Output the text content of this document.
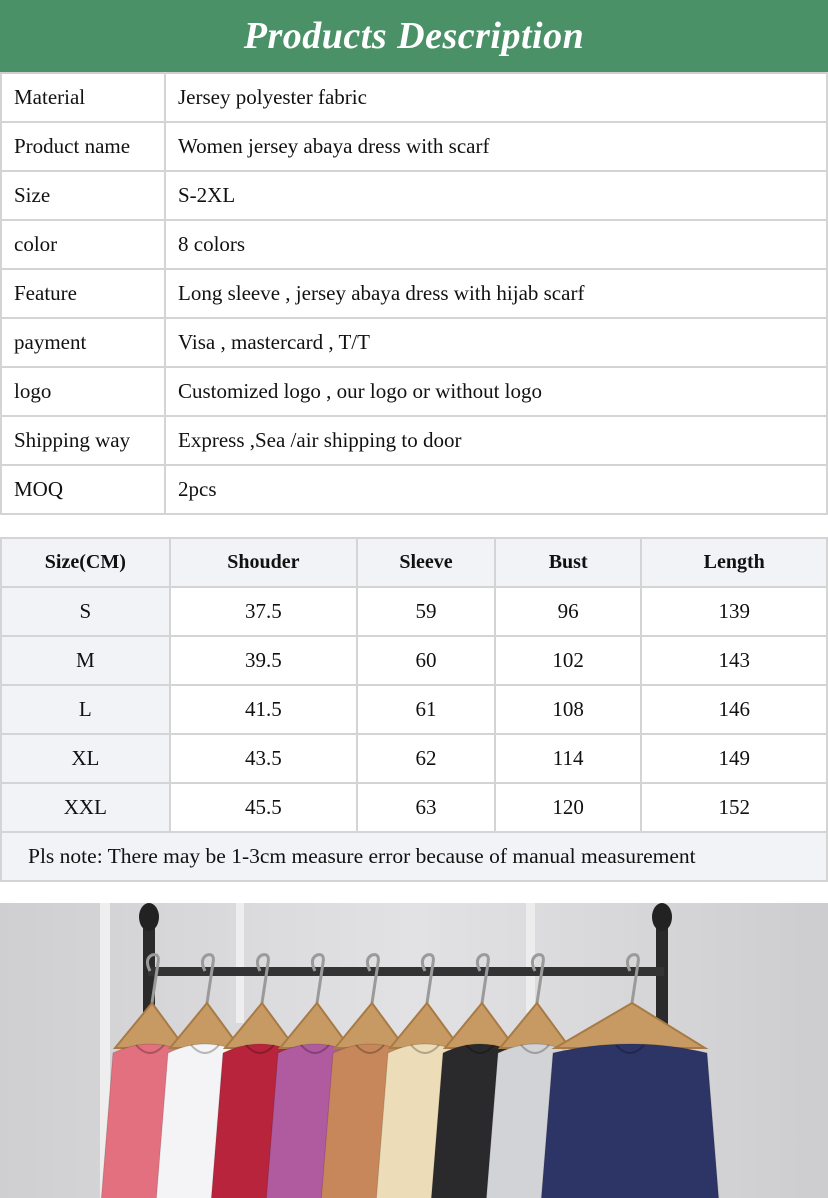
Products Description
Material	Jersey polyester fabric
Product name	Women jersey abaya dress with scarf
Size	S-2XL
color	8 colors
Feature	Long sleeve , jersey abaya dress with hijab scarf
payment	Visa , mastercard , T/T
logo	Customized logo , our logo or without logo
Shipping way	Express ,Sea /air shipping to door
MOQ	2pcs
Size(CM)	Shouder	Sleeve	Bust	Length
S	37.5	59	96	139
M	39.5	60	102	143
L	41.5	61	108	146
XL	43.5	62	114	149
XXL	45.5	63	120	152
Pls note: There may be 1-3cm measure error because of manual measurement				
